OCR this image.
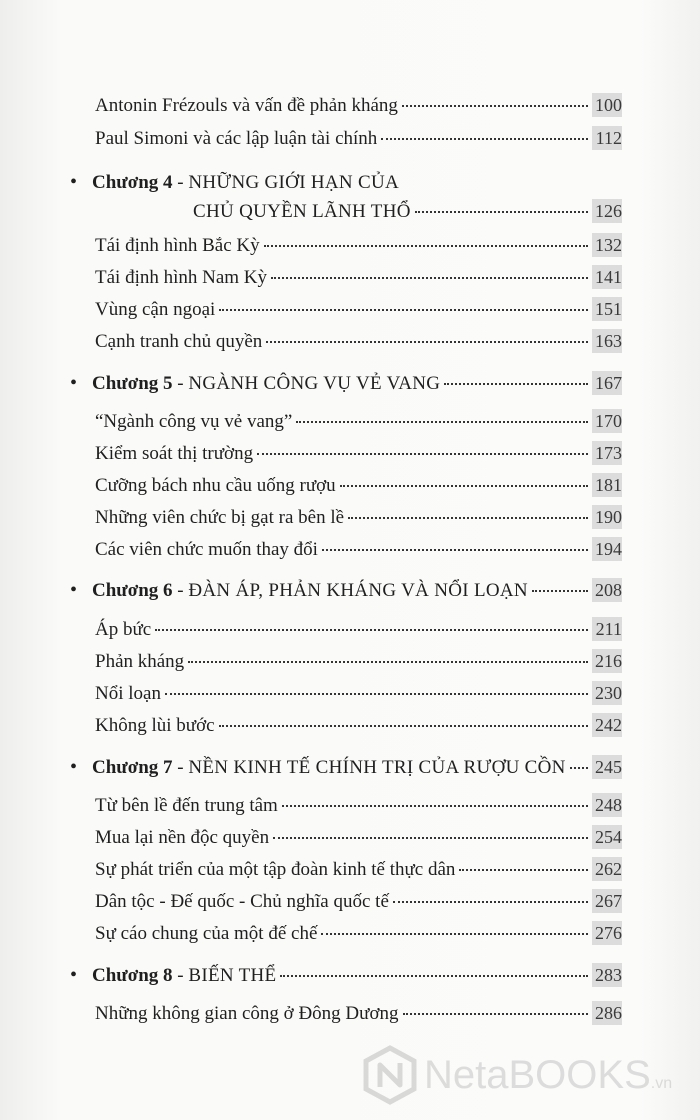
Antonin Frézouls và vấn đề phản kháng	100
Paul Simoni và các lập luận tài chính	112
• Chương 4 - NHỮNG GIỚI HẠN CỦA
CHỦ QUYỀN LÃNH THỔ	126
Tái định hình Bắc Kỳ	132
Tái định hình Nam Kỳ	141
Vùng cận ngoại	151
Cạnh tranh chủ quyền	163
• Chương 5 - NGÀNH CÔNG VỤ VẺ VANG	167
“Ngành công vụ vẻ vang”	170
Kiểm soát thị trường	173
Cưỡng bách nhu cầu uống rượu	181
Những viên chức bị gạt ra bên lề	190
Các viên chức muốn thay đổi	194
• Chương 6 - ĐÀN ÁP, PHẢN KHÁNG VÀ NỔI LOẠN	208
Áp bức	211
Phản kháng	216
Nổi loạn	230
Không lùi bước	242
• Chương 7 - NỀN KINH TẾ CHÍNH TRỊ CỦA RƯỢU CỒN 245
Từ bên lề đến trung tâm	248
Mua lại nền độc quyền	254
Sự phát triển của một tập đoàn kinh tế thực dân	262
Dân tộc - Đế quốc - Chủ nghĩa quốc tế	267
Sự cáo chung của một đế chế	276
• Chương 8 - BIẾN THỂ	283
Những không gian công ở Đông Dương	286
NetaBOOKS.vn
